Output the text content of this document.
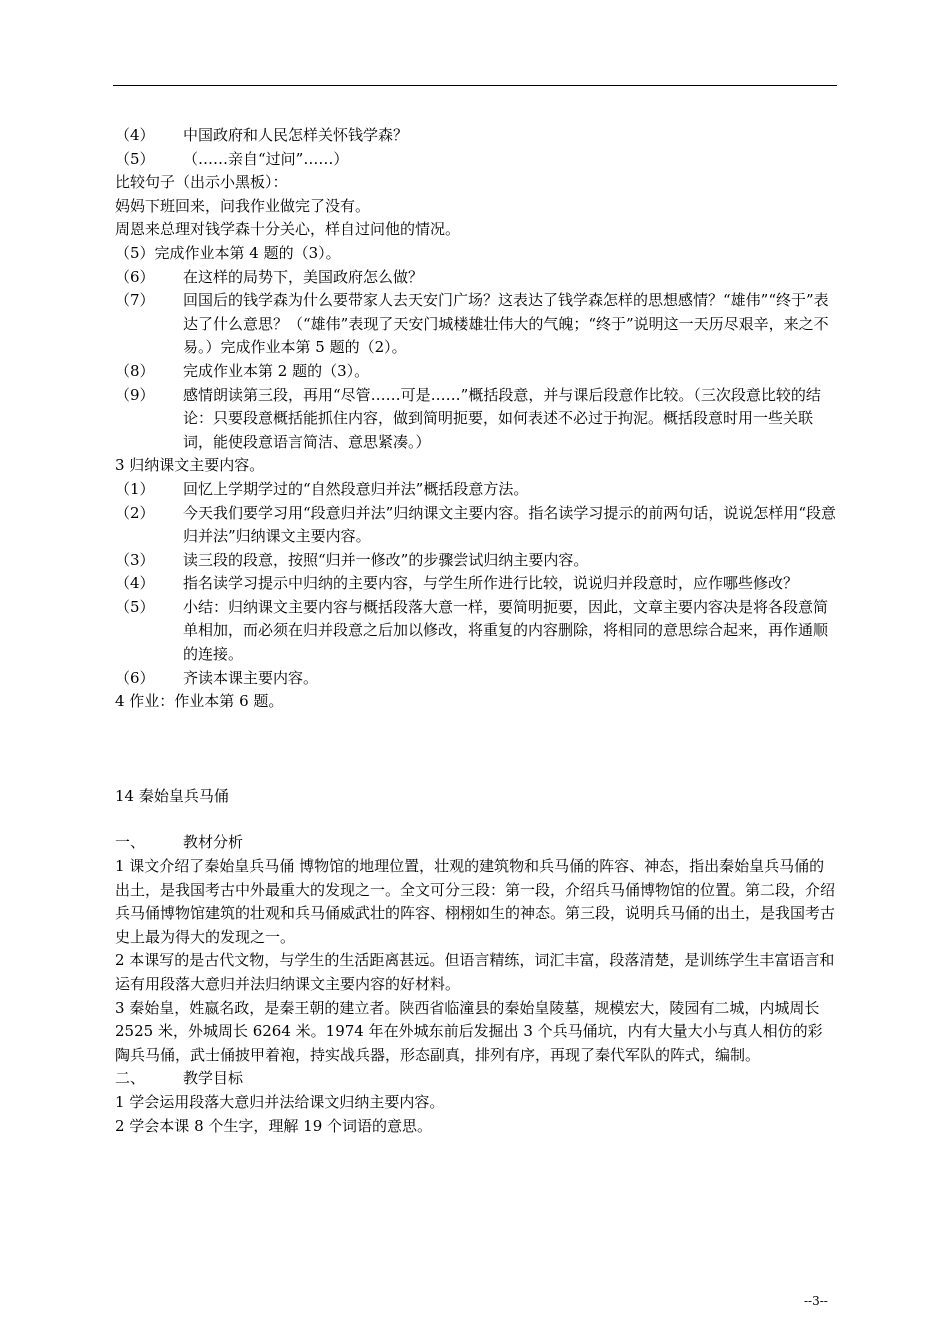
（4）	中国政府和人民怎样关怀钱学森？
（5）	（……亲自“过问”……）

比较句子（出示小黑板）：

妈妈下班回来，问我作业做完了没有。

周恩来总理对钱学森十分关心，样自过问他的情况。

（5）完成作业本第 4 题的（3）。

（6）	在这样的局势下，美国政府怎么做？
（7）	回国后的钱学森为什么要带家人去天安门广场？这表达了钱学森怎样的思想感情？“雄伟”“终于”表达了什么意思？（“雄伟”表现了天安门城楼雄壮伟大的气魄；“终于”说明这一天历尽艰辛，来之不易。）完成作业本第 5 题的（2）。
（8）	完成作业本第 2 题的（3）。
（9）	感情朗读第三段，再用“尽管……可是……”概括段意，并与课后段意作比较。（三次段意比较的结论：只要段意概括能抓住内容，做到简明扼要，如何表述不必过于拘泥。概括段意时用一些关联词，能使段意语言简洁、意思紧凑。）

3 归纳课文主要内容。

（1）	回忆上学期学过的“自然段意归并法”概括段意方法。
（2）	今天我们要学习用“段意归并法”归纳课文主要内容。指名读学习提示的前两句话，说说怎样用“段意归并法”归纳课文主要内容。
（3）	读三段的段意，按照“归并一修改”的步骤尝试归纳主要内容。
（4）	指名读学习提示中归纳的主要内容，与学生所作进行比较，说说归并段意时，应作哪些修改？
（5）	小结：归纳课文主要内容与概括段落大意一样，要简明扼要，因此，文章主要内容决是将各段意简单相加，而必须在归并段意之后加以修改，将重复的内容删除，将相同的意思综合起来，再作通顺的连接。
（6）	齐读本课主要内容。

4 作业：作业本第 6 题。

14 秦始皇兵马俑

一、	教材分析

1 课文介绍了秦始皇兵马俑 博物馆的地理位置，壮观的建筑物和兵马俑的阵容、神态，指出秦始皇兵马俑的出土，是我国考古中外最重大的发现之一。全文可分三段：第一段，介绍兵马俑博物馆的位置。第二段，介绍兵马俑博物馆建筑的壮观和兵马俑威武壮的阵容、栩栩如生的神态。第三段，说明兵马俑的出土，是我国考古史上最为得大的发现之一。

2 本课写的是古代文物，与学生的生活距离甚远。但语言精练，词汇丰富，段落清楚，是训练学生丰富语言和运有用段落大意归并法归纳课文主要内容的好材料。

3 秦始皇，姓嬴名政，是秦王朝的建立者。陕西省临潼县的秦始皇陵墓，规模宏大，陵园有二城，内城周长 2525 米，外城周长 6264 米。1974 年在外城东前后发掘出 3 个兵马俑坑，内有大量大小与真人相仿的彩陶兵马俑，武士俑披甲着袍，持实战兵器，形态副真，排列有序，再现了秦代军队的阵式，编制。

二、	教学目标

1 学会运用段落大意归并法给课文归纳主要内容。

2 学会本课 8 个生字，理解 19 个词语的意思。

--3--
